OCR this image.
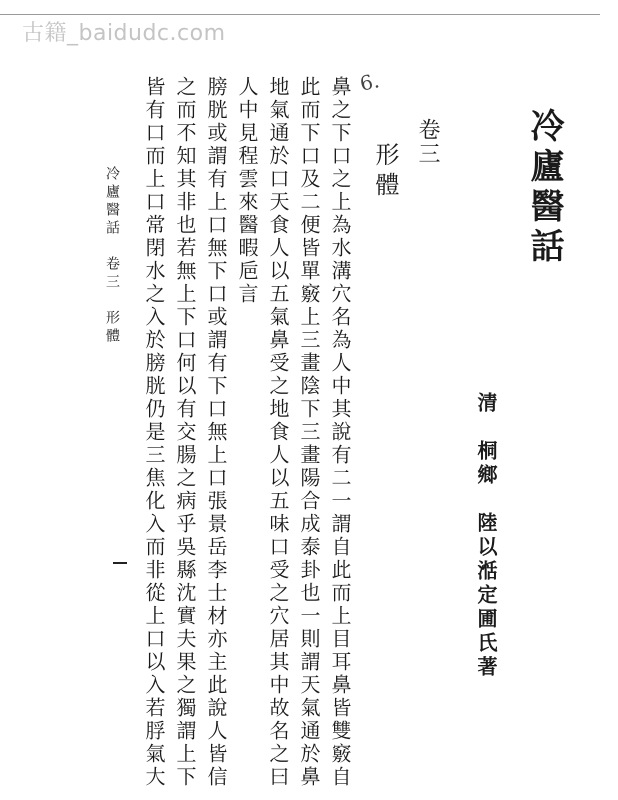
古籍_baidudc.com
6.
冷廬醫話
清　桐鄉　陸以湉定圃氏著
卷三
形體
鼻之下口之上為水溝穴名為人中其說有二一謂自此而上目耳鼻皆雙竅自
此而下口及二便皆單竅上三畫陰下三畫陽合成泰卦也一則謂天氣通於鼻
地氣通於口天食人以五氣鼻受之地食人以五味口受之穴居其中故名之曰
人中見程雲來醫暇巵言
膀胱或謂有上口無下口或謂有下口無上口張景岳李士材亦主此說人皆信
之而不知其非也若無上下口何以有交腸之病乎吳縣沈實夫果之獨謂上下
皆有口而上口常閉水之入於膀胱仍是三焦化入而非從上口以入若脬氣大
冷廬醫話　卷三　形體
